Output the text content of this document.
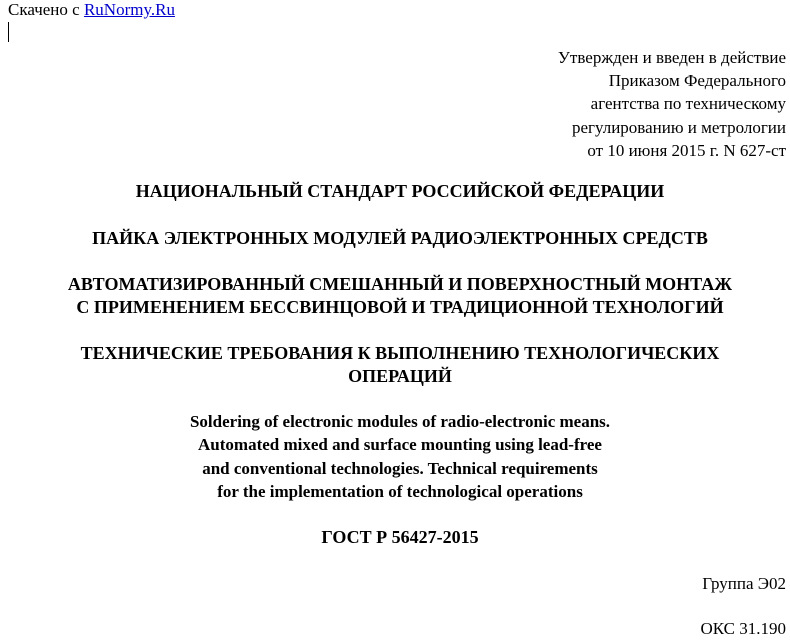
Скачено с RuNormy.Ru
Утвержден и введен в действие
Приказом Федерального
агентства по техническому
регулированию и метрологии
от 10 июня 2015 г. N 627-ст
НАЦИОНАЛЬНЫЙ СТАНДАРТ РОССИЙСКОЙ ФЕДЕРАЦИИ
ПАЙКА ЭЛЕКТРОННЫХ МОДУЛЕЙ РАДИОЭЛЕКТРОННЫХ СРЕДСТВ
АВТОМАТИЗИРОВАННЫЙ СМЕШАННЫЙ И ПОВЕРХНОСТНЫЙ МОНТАЖ
С ПРИМЕНЕНИЕМ БЕССВИНЦОВОЙ И ТРАДИЦИОННОЙ ТЕХНОЛОГИЙ
ТЕХНИЧЕСКИЕ ТРЕБОВАНИЯ К ВЫПОЛНЕНИЮ ТЕХНОЛОГИЧЕСКИХ
ОПЕРАЦИЙ
Soldering of electronic modules of radio-electronic means.
Automated mixed and surface mounting using lead-free
and conventional technologies. Technical requirements
for the implementation of technological operations
ГОСТ Р 56427-2015
Группа Э02
ОКС 31.190
